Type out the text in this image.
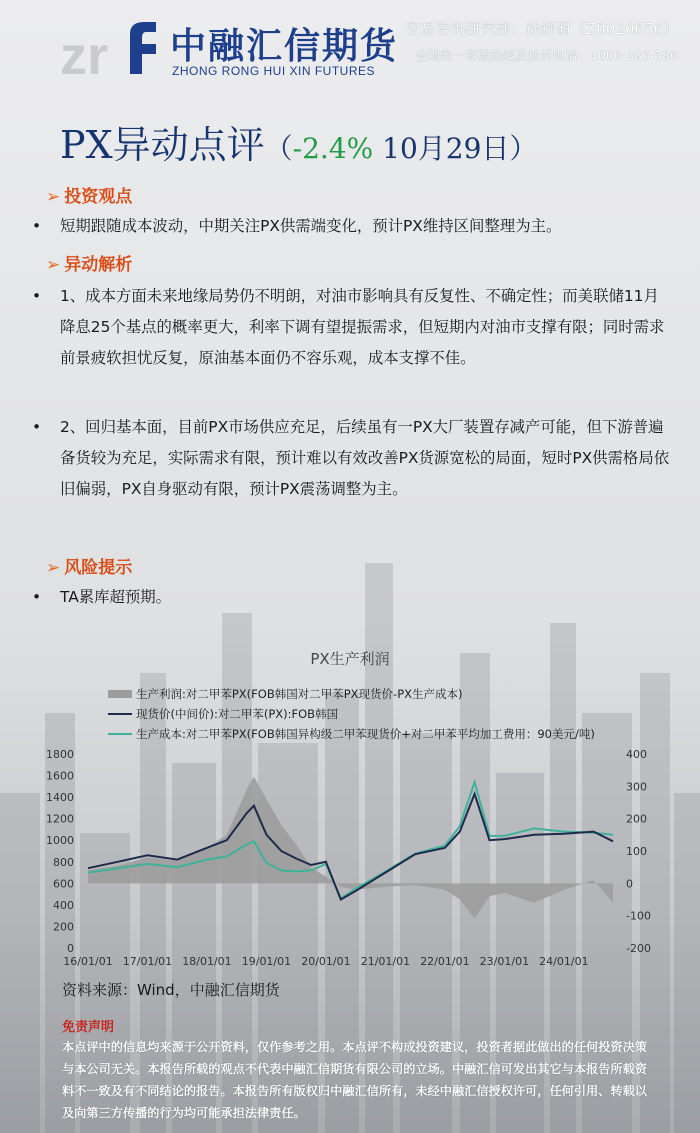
zr 中融汇信期货
ZHONG RONG HUI XIN FUTURES
交易咨询研究部：徐舒萌（Z0020656）
全国统一客服热线及投诉电话：4006-386-586
PX异动点评（-2.4% 10月29日）
➢ 投资观点
• 短期跟随成本波动，中期关注PX供需端变化，预计PX维持区间整理为主。
➢ 异动解析
• 1、成本方面未来地缘局势仍不明朗，对油市影响具有反复性、不确定性；而美联储11月降息25个基点的概率更大，利率下调有望提振需求，但短期内对油市支撑有限；同时需求前景疲软担忧反复，原油基本面仍不容乐观，成本支撑不佳。
• 2、回归基本面，目前PX市场供应充足，后续虽有一PX大厂装置存减产可能，但下游普遍备货较为充足，实际需求有限，预计难以有效改善PX货源宽松的局面，短时PX供需格局依旧偏弱，PX自身驱动有限，预计PX震荡调整为主。
➢ 风险提示
• TA累库超预期。
PX生产利润
生产利润:对二甲苯PX(FOB韩国对二甲苯PX现货价-PX生产成本)
现货价(中间价):对二甲苯(PX):FOB韩国
生产成本:对二甲苯PX(FOB韩国异构级二甲苯现货价+对二甲苯平均加工费用：90美元/吨)
0
200
400
600
800
1000
1200
1400
1600
1800
-200
-100
0
100
200
300
400
16/01/01 17/01/01 18/01/01 19/01/01 20/01/01 21/01/01 22/01/01 23/01/01 24/01/01
资料来源：Wind，中融汇信期货
免责声明
本点评中的信息均来源于公开资料，仅作参考之用。本点评不构成投资建议，投资者据此做出的任何投资决策与本公司无关。本报告所载的观点不代表中融汇信期货有限公司的立场。中融汇信可发出其它与本报告所载资料不一致及有不同结论的报告。本报告所有版权归中融汇信所有，未经中融汇信授权许可，任何引用、转载以及向第三方传播的行为均可能承担法律责任。
